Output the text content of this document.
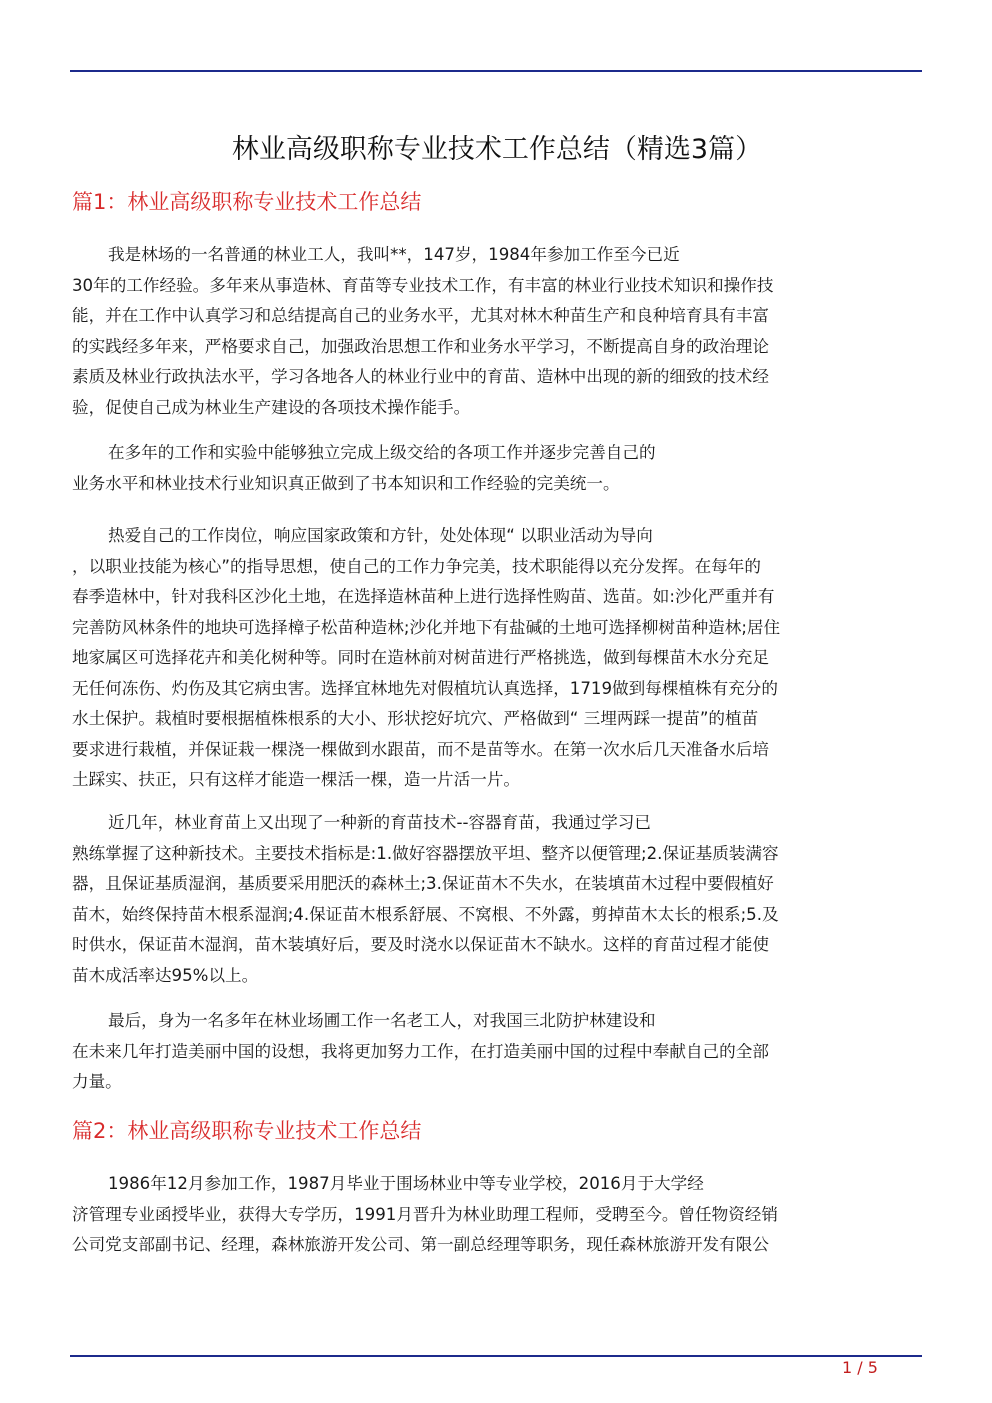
林业高级职称专业技术工作总结（精选3篇）
篇1：林业高级职称专业技术工作总结

我是林场的一名普通的林业工人，我叫**，147岁，1984年参加工作至今已近
30年的工作经验。多年来从事造林、育苗等专业技术工作，有丰富的林业行业技术知识和操作技
能，并在工作中认真学习和总结提高自己的业务水平，尤其对林木种苗生产和良种培育具有丰富
的实践经多年来，严格要求自己，加强政治思想工作和业务水平学习，不断提高自身的政治理论
素质及林业行政执法水平，学习各地各人的林业行业中的育苗、造林中出现的新的细致的技术经
验，促使自己成为林业生产建设的各项技术操作能手。

在多年的工作和实验中能够独立完成上级交给的各项工作并逐步完善自己的
业务水平和林业技术行业知识真正做到了书本知识和工作经验的完美统一。

热爱自己的工作岗位，响应国家政策和方针，处处体现“ 以职业活动为导向
，以职业技能为核心”的指导思想，使自己的工作力争完美，技术职能得以充分发挥。在每年的
春季造林中，针对我科区沙化土地，在选择造林苗种上进行选择性购苗、选苗。如:沙化严重并有
完善防风林条件的地块可选择樟子松苗种造林;沙化并地下有盐碱的土地可选择柳树苗种造林;居住
地家属区可选择花卉和美化树种等。同时在造林前对树苗进行严格挑选，做到每棵苗木水分充足
无任何冻伤、灼伤及其它病虫害。选择宜林地先对假植坑认真选择，1719做到每棵植株有充分的
水土保护。栽植时要根据植株根系的大小、形状挖好坑穴、严格做到“ 三埋两踩一提苗”的植苗
要求进行栽植，并保证栽一棵浇一棵做到水跟苗，而不是苗等水。在第一次水后几天准备水后培
土踩实、扶正，只有这样才能造一棵活一棵，造一片活一片。

近几年，林业育苗上又出现了一种新的育苗技术--容器育苗，我通过学习已
熟练掌握了这种新技术。主要技术指标是:1.做好容器摆放平坦、整齐以便管理;2.保证基质装满容
器，且保证基质湿润，基质要采用肥沃的森林土;3.保证苗木不失水，在装填苗木过程中要假植好
苗木，始终保持苗木根系湿润;4.保证苗木根系舒展、不窝根、不外露，剪掉苗木太长的根系;5.及
时供水，保证苗木湿润，苗木装填好后，要及时浇水以保证苗木不缺水。这样的育苗过程才能使
苗木成活率达95%以上。

最后，身为一名多年在林业场圃工作一名老工人，对我国三北防护林建设和
在未来几年打造美丽中国的设想，我将更加努力工作，在打造美丽中国的过程中奉献自己的全部
力量。

篇2：林业高级职称专业技术工作总结

1986年12月参加工作，1987月毕业于围场林业中等专业学校，2016月于大学经
济管理专业函授毕业，获得大专学历，1991月晋升为林业助理工程师，受聘至今。曾任物资经销
公司党支部副书记、经理，森林旅游开发公司、第一副总经理等职务，现任森林旅游开发有限公

1 / 5
